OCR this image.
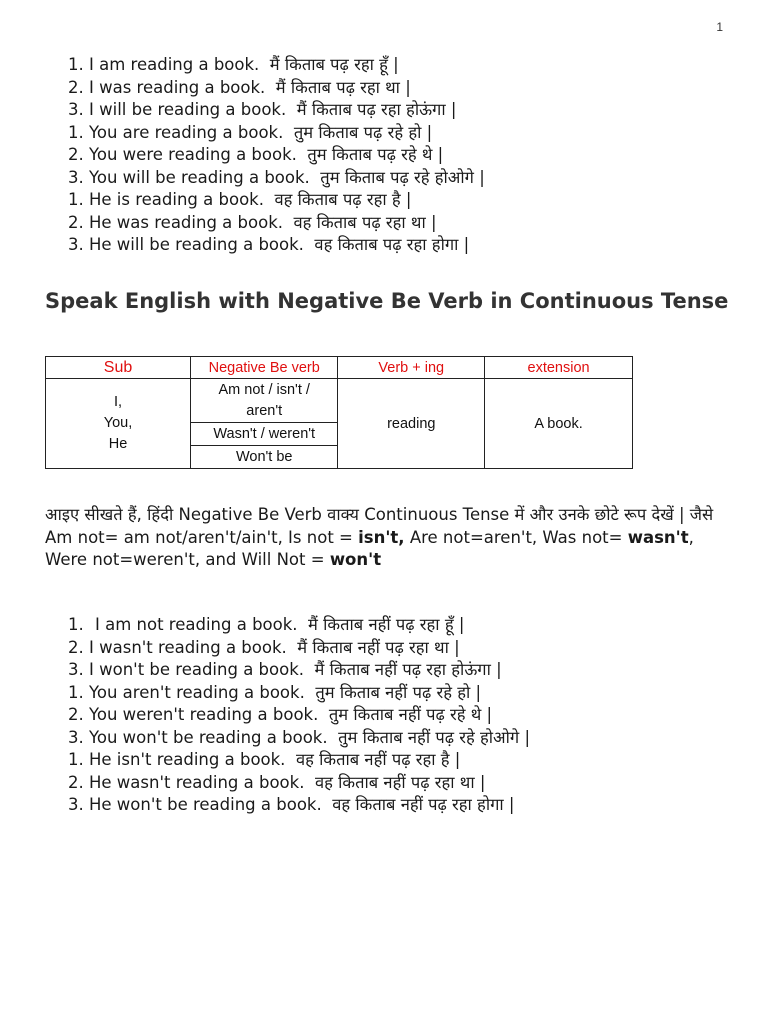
1
1. I am reading a book. मैं किताब पढ़ रहा हूँ |
2. I was reading a book. मैं किताब पढ़ रहा था |
3. I will be reading a book. मैं किताब पढ़ रहा होऊंगा |
1. You are reading a book. तुम किताब पढ़ रहे हो |
2. You were reading a book. तुम किताब पढ़ रहे थे |
3. You will be reading a book. तुम किताब पढ़ रहे होओगे |
1. He is reading a book. वह किताब पढ़ रहा है |
2. He was reading a book. वह किताब पढ़ रहा था |
3. He will be reading a book. वह किताब पढ़ रहा होगा |
Speak English with Negative Be Verb in Continuous Tense
Sub	Negative Be verb	Verb + ing	extension

I,
You,
He	Am not / isn't / aren't	reading	A book.
	Wasn't / weren't		
	Won't be		

आइए सीखते हैं, हिंदी Negative Be Verb वाक्य Continuous Tense में और उनके छोटे रूप देखें | जैसे Am not= am not/aren't/ain't, Is not = isn't, Are not=aren't, Was not= wasn't, Were not=weren't, and Will Not = won't

1. I am not reading a book. मैं किताब नहीं पढ़ रहा हूँ |
2. I wasn't reading a book. मैं किताब नहीं पढ़ रहा था |
3. I won't be reading a book. मैं किताब नहीं पढ़ रहा होऊंगा |
1. You aren't reading a book. तुम किताब नहीं पढ़ रहे हो |
2. You weren't reading a book. तुम किताब नहीं पढ़ रहे थे |
3. You won't be reading a book. तुम किताब नहीं पढ़ रहे होओगे |
1. He isn't reading a book. वह किताब नहीं पढ़ रहा है |
2. He wasn't reading a book. वह किताब नहीं पढ़ रहा था |
3. He won't be reading a book. वह किताब नहीं पढ़ रहा होगा |
